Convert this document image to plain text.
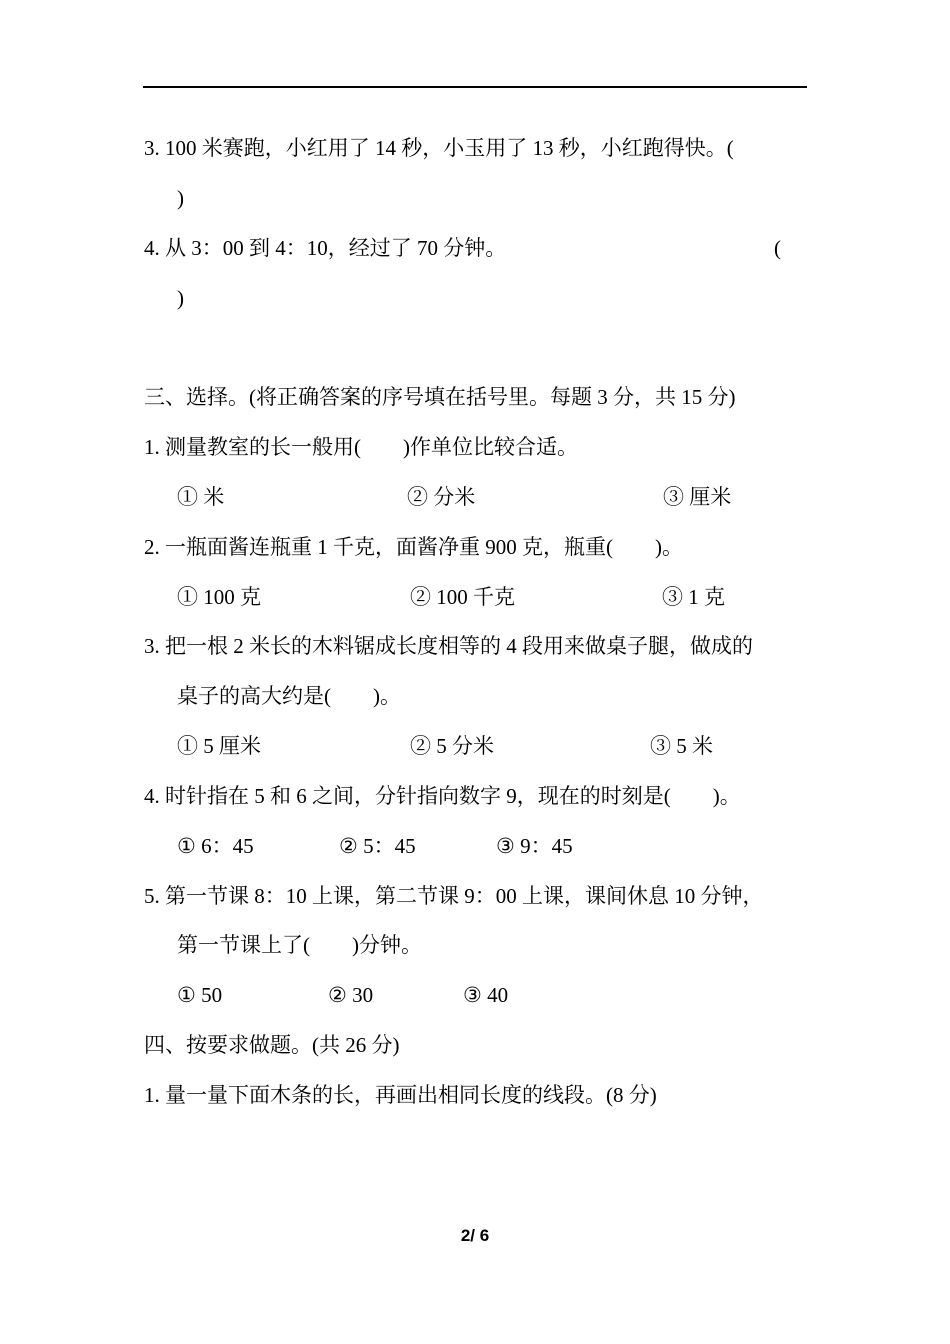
3. 100 米赛跑，小红用了 14 秒，小玉用了 13 秒，小红跑得快。(
)
4. 从 3：00 到 4：10，经过了 70 分钟。	(
)
三、选择。(将正确答案的序号填在括号里。每题 3 分，共 15 分)
1. 测量教室的长一般用(　　)作单位比较合适。
① 米	② 分米	③ 厘米
2. 一瓶面酱连瓶重 1 千克，面酱净重 900 克，瓶重(　　)。
① 100 克	② 100 千克	③ 1 克
3. 把一根 2 米长的木料锯成长度相等的 4 段用来做桌子腿，做成的
桌子的高大约是(　　)。
① 5 厘米	② 5 分米	③ 5 米
4. 时针指在 5 和 6 之间，分针指向数字 9，现在的时刻是(　　)。
① 6：45	② 5：45	③ 9：45
5. 第一节课 8：10 上课，第二节课 9：00 上课，课间休息 10 分钟，
第一节课上了(　　)分钟。
① 50	② 30	③ 40
四、按要求做题。(共 26 分)
1. 量一量下面木条的长，再画出相同长度的线段。(8 分)
2/ 6
